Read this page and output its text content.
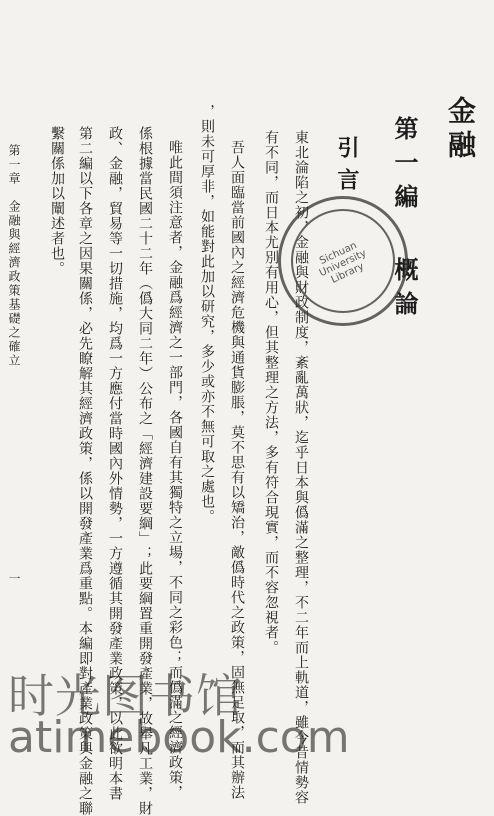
金融
第一編 概論
引言
東北淪陷之初，金融與財政制度，紊亂萬狀，迄乎日本與僞滿之整理，不二年而上軌道，雖今昔情勢容
有不同，而日本尤別有用心，但其整理之方法，多有符合現實，而不容忽視者。
吾人面臨當前國內之經濟危機與通貨膨脹，莫不思有以矯治，敵僞時代之政策，固無足取，而其辦法
，則未可厚非，如能對此加以研究，多少或亦不無可取之處也。
唯此間須注意者，金融爲經濟之一部門，各國自有其獨特之立場，不同之彩色；而僞滿之經濟政策，
係根據當民國二十二年（僞大同二年）公布之「經濟建設要綱」；此要綱置重開發產業，故舉凡工業，財
政、金融，貿易等一切措施，均爲一方應付當時國內外情勢，一方遵循其開發產業政策，以此欲明本書
第二編以下各章之因果關係，必先瞭解其經濟政策，係以開發產業爲重點。本編即對產業政策與金融之聯
繫關係加以闡述者也。
第一章　金融與經濟政策基礎之確立
一
Sichuan University Library
时光图书馆
atimebook.com
